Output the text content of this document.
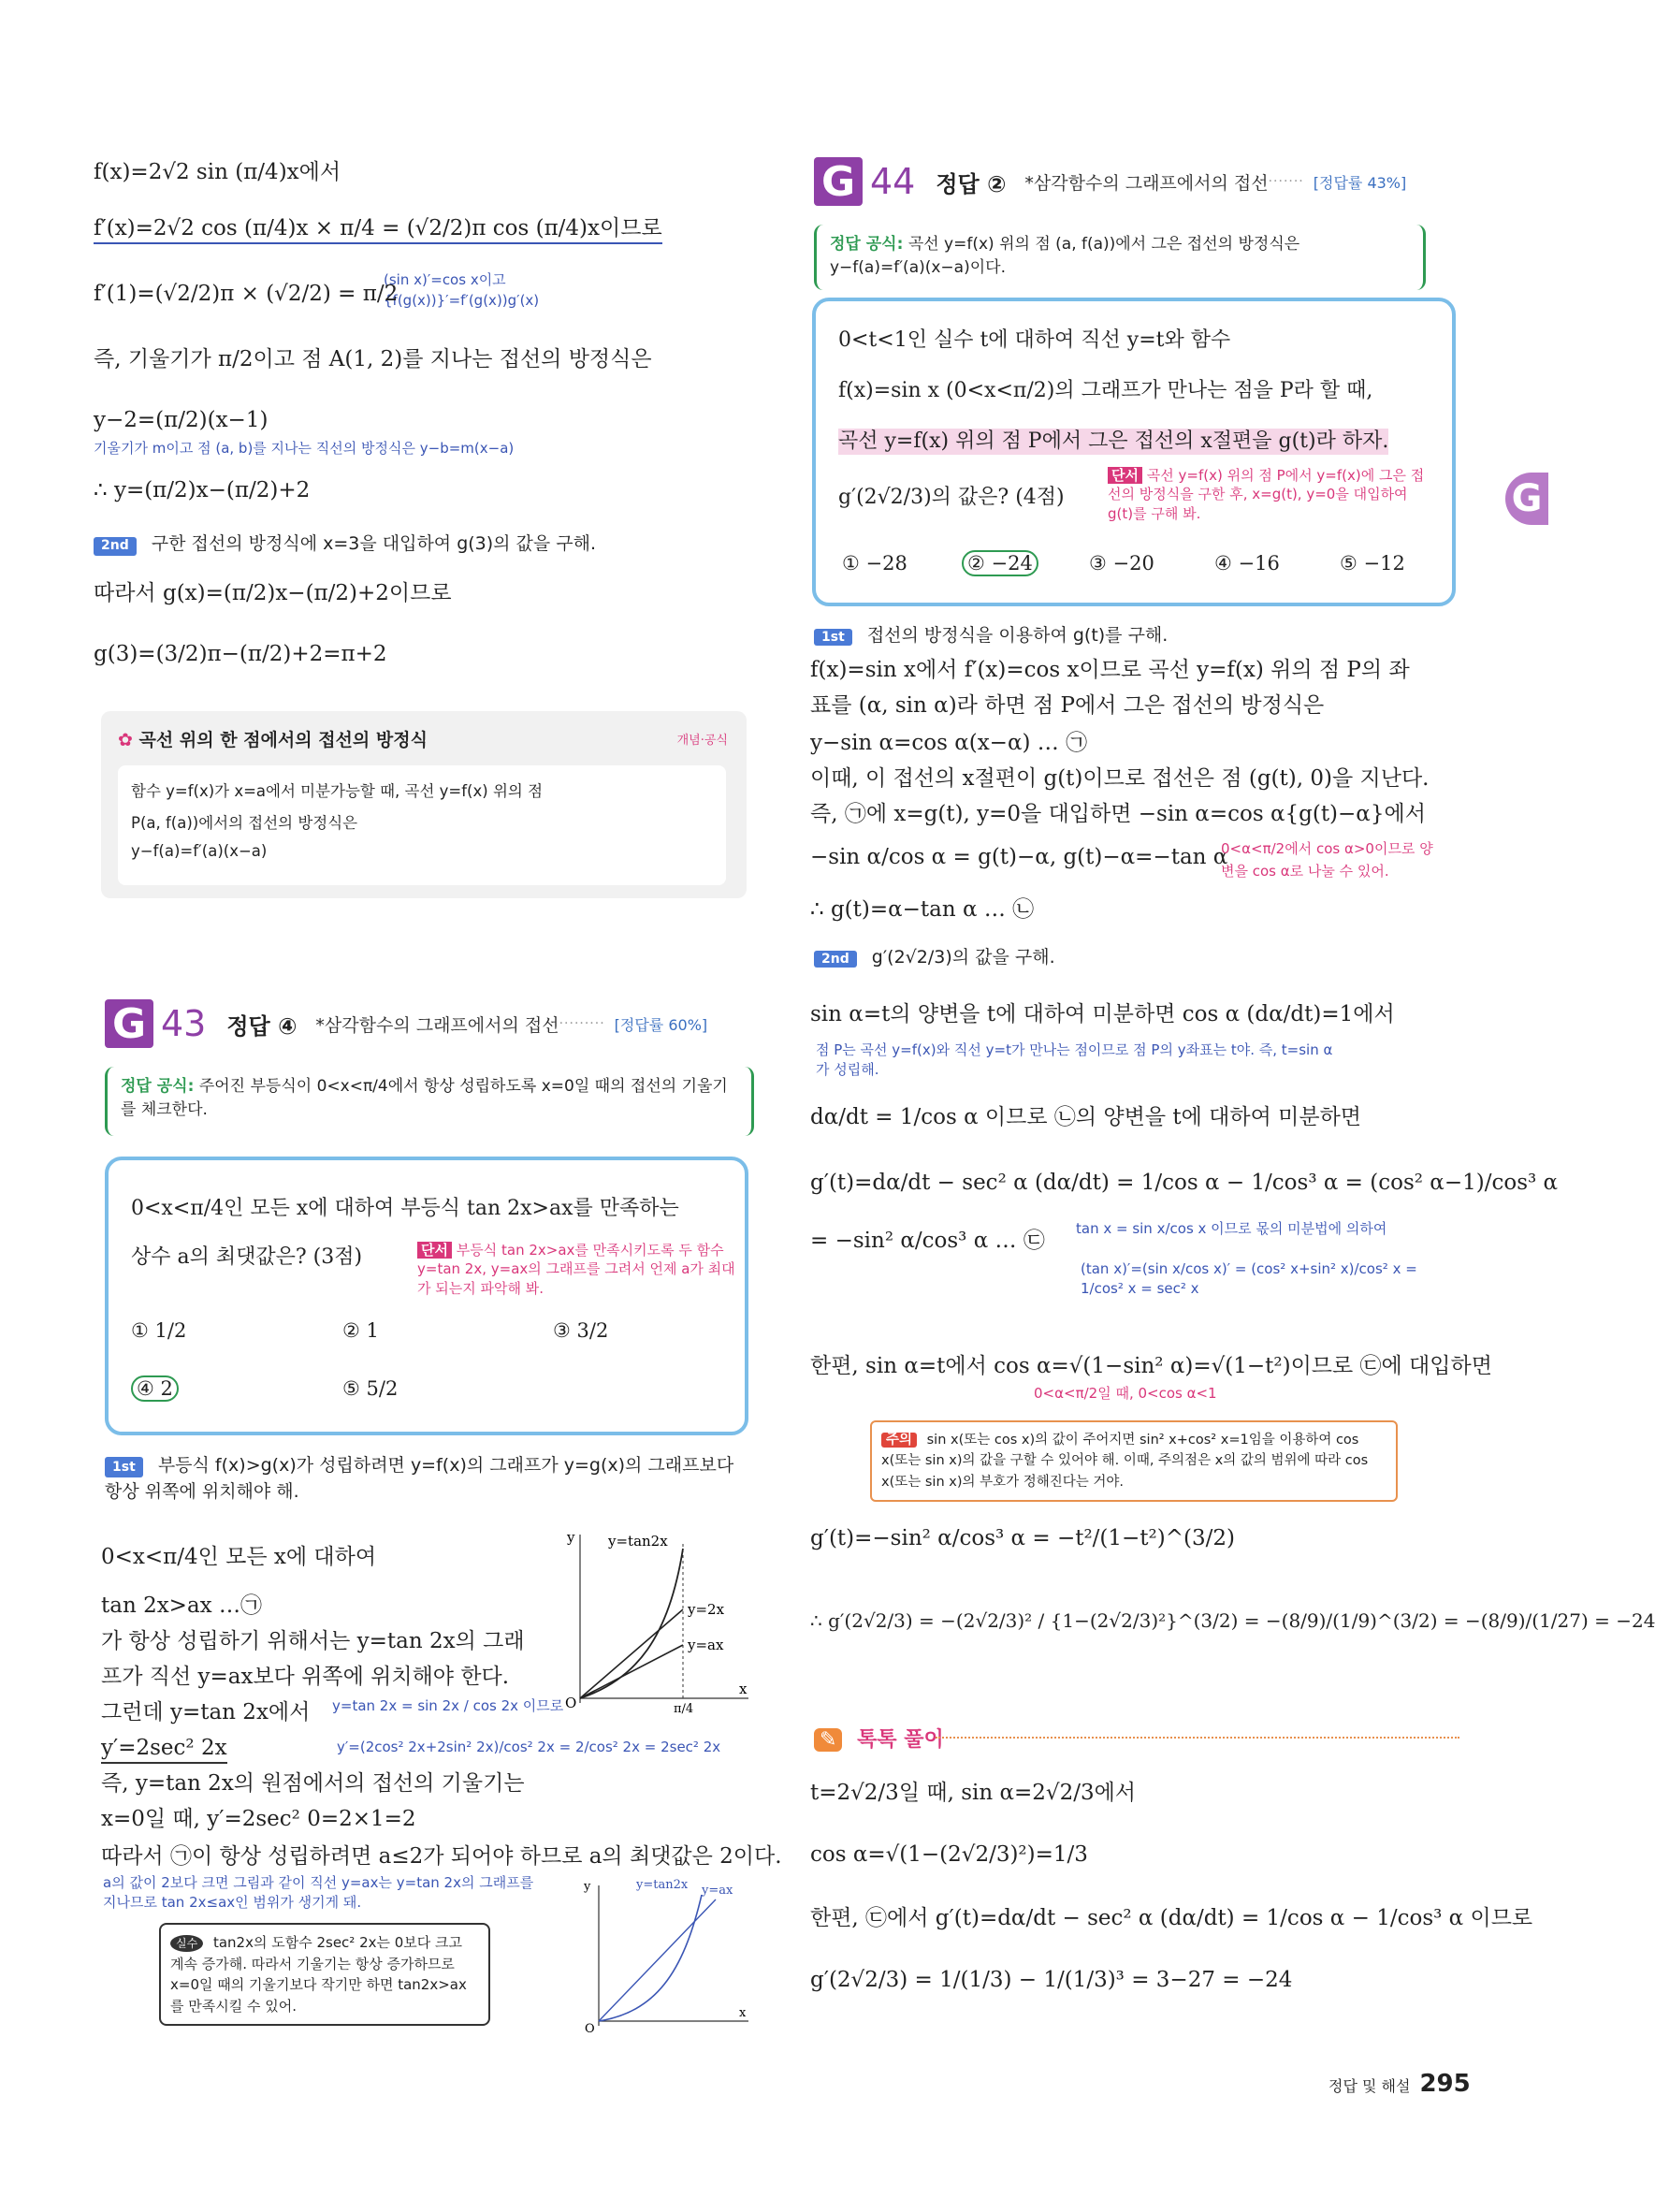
f(x)=2√2 sin (π/4)x에서
f′(x)=2√2 cos (π/4)x × π/4 = (√2/2)π cos (π/4)x이므로
(sin x)′=cos x이고
{f(g(x))}′=f′(g(x))g′(x)
f′(1)=(√2/2)π × (√2/2) = π/2
즉, 기울기가 π/2이고 점 A(1, 2)를 지나는 접선의 방정식은
y−2=(π/2)(x−1)
기울기가 m이고 점 (a, b)를 지나는 직선의 방정식은 y−b=m(x−a)
∴ y=(π/2)x−(π/2)+2
2nd 구한 접선의 방정식에 x=3을 대입하여 g(3)의 값을 구해.
따라서 g(x)=(π/2)x−(π/2)+2이므로
g(3)=(3/2)π−(π/2)+2=π+2
✿ 곡선 위의 한 점에서의 접선의 방정식	개념·공식
함수 y=f(x)가 x=a에서 미분가능할 때, 곡선 y=f(x) 위의 점
P(a, f(a))에서의 접선의 방정식은
y−f(a)=f′(a)(x−a)
G 43 정답 ④ *삼각함수의 그래프에서의 접선 ········· [정답률 60%]
정답 공식: 주어진 부등식이 0<x<π/4에서 항상 성립하도록 x=0일 때의 접선의 기울기를 체크한다.
0<x<π/4인 모든 x에 대하여 부등식 tan 2x>ax를 만족하는
상수 a의 최댓값은? (3점)	단서 부등식 tan 2x>ax를 만족시키도록 두 함수 y=tan 2x, y=ax의 그래프를 그려서 언제 a가 최대가 되는지 파악해 봐.
① 1/2	② 1	③ 3/2
④ 2	⑤ 5/2
1st 부등식 f(x)>g(x)가 성립하려면 y=f(x)의 그래프가 y=g(x)의 그래프보다 항상 위쪽에 위치해야 해.
0<x<π/4인 모든 x에 대하여
tan 2x>ax …㉠
가 항상 성립하기 위해서는 y=tan 2x의 그래
프가 직선 y=ax보다 위쪽에 위치해야 한다.
그런데 y=tan 2x에서
y′=2sec² 2x
즉, y=tan 2x의 원점에서의 접선의 기울기는
x=0일 때, y′=2sec² 0=2×1=2
따라서 ㉠이 항상 성립하려면 a≤2가 되어야 하므로 a의 최댓값은 2이다.
y=tan 2x = sin 2x / cos 2x 이므로
y′=(2cos² 2x+2sin² 2x)/cos² 2x = 2/cos² 2x = 2sec² 2x
a의 값이 2보다 크면 그림과 같이 직선 y=ax는 y=tan 2x의 그래프를 지나므로 tan 2x≤ax인 범위가 생기게 돼.
실수 tan2x의 도함수 2sec² 2x는 0보다 크고 계속 증가해. 따라서 기울기는 항상 증가하므로 x=0일 때의 기울기보다 작기만 하면 tan2x>ax를 만족시킬 수 있어.
y=tan2x
y=2x
y=ax
O
x
y
π/4
y=tan2x y=ax
O
x
y
G 44 정답 ② *삼각함수의 그래프에서의 접선 ······· [정답률 43%]
정답 공식: 곡선 y=f(x) 위의 점 (a, f(a))에서 그은 접선의 방정식은
y−f(a)=f′(a)(x−a)이다.
0<t<1인 실수 t에 대하여 직선 y=t와 함수
f(x)=sin x (0<x<π/2)의 그래프가 만나는 점을 P라 할 때,
곡선 y=f(x) 위의 점 P에서 그은 접선의 x절편을 g(t)라 하자.
g′(2√2/3)의 값은? (4점)
단서 곡선 y=f(x) 위의 점 P에서 y=f(x)에 그은 접선의 방정식을 구한 후, x=g(t), y=0을 대입하여 g(t)를 구해 봐.
① −28	② −24	③ −20	④ −16	⑤ −12
1st 접선의 방정식을 이용하여 g(t)를 구해.
f(x)=sin x에서 f′(x)=cos x이므로 곡선 y=f(x) 위의 점 P의 좌
표를 (α, sin α)라 하면 점 P에서 그은 접선의 방정식은
y−sin α=cos α(x−α) … ㉠
이때, 이 접선의 x절편이 g(t)이므로 접선은 점 (g(t), 0)을 지난다.
즉, ㉠에 x=g(t), y=0을 대입하면 −sin α=cos α{g(t)−α}에서
−sin α/cos α = g(t)−α, g(t)−α=−tan α
∴ g(t)=α−tan α … ㉡
0<α<π/2에서 cos α>0이므로 양변을 cos α로 나눌 수 있어.
2nd g′(2√2/3)의 값을 구해.
sin α=t의 양변을 t에 대하여 미분하면 cos α (dα/dt)=1에서
dα/dt = 1/cos α 이므로 ㉡의 양변을 t에 대하여 미분하면
g′(t)=dα/dt − sec² α (dα/dt) = 1/cos α − 1/cos³ α = (cos² α−1)/cos³ α
= −sin² α/cos³ α … ㉢
한편, sin α=t에서 cos α=√(1−sin² α)=√(1−t²)이므로 ㉢에 대입하면
g′(t)=−sin² α/cos³ α = −t²/(1−t²)^(3/2)
∴ g′(2√2/3) = −(2√2/3)² / {1−(2√2/3)²}^(3/2) = −(8/9)/(1/9)^(3/2) = −(8/9)/(1/27) = −24
점 P는 곡선 y=f(x)와 직선 y=t가 만나는 점이므로 점 P의 y좌표는 t야. 즉, t=sin α가 성립해.
tan x = sin x/cos x 이므로 몫의 미분법에 의하여
(tan x)′=(sin x/cos x)′ = (cos² x+sin² x)/cos² x = 1/cos² x = sec² x
0<α<π/2일 때, 0<cos α<1
주의 sin x(또는 cos x)의 값이 주어지면 sin² x+cos² x=1임을 이용하여 cos x(또는 sin x)의 값을 구할 수 있어야 해. 이때, 주의점은 x의 값의 범위에 따라 cos x(또는 sin x)의 부호가 정해진다는 거야.
✎ 톡톡 풀이
t=2√2/3일 때, sin α=2√2/3에서
cos α=√(1−(2√2/3)²)=1/3
한편, ㉢에서 g′(t)=dα/dt − sec² α (dα/dt) = 1/cos α − 1/cos³ α 이므로
g′(2√2/3) = 1/(1/3) − 1/(1/3)³ = 3−27 = −24
G
정답 및 해설 295
